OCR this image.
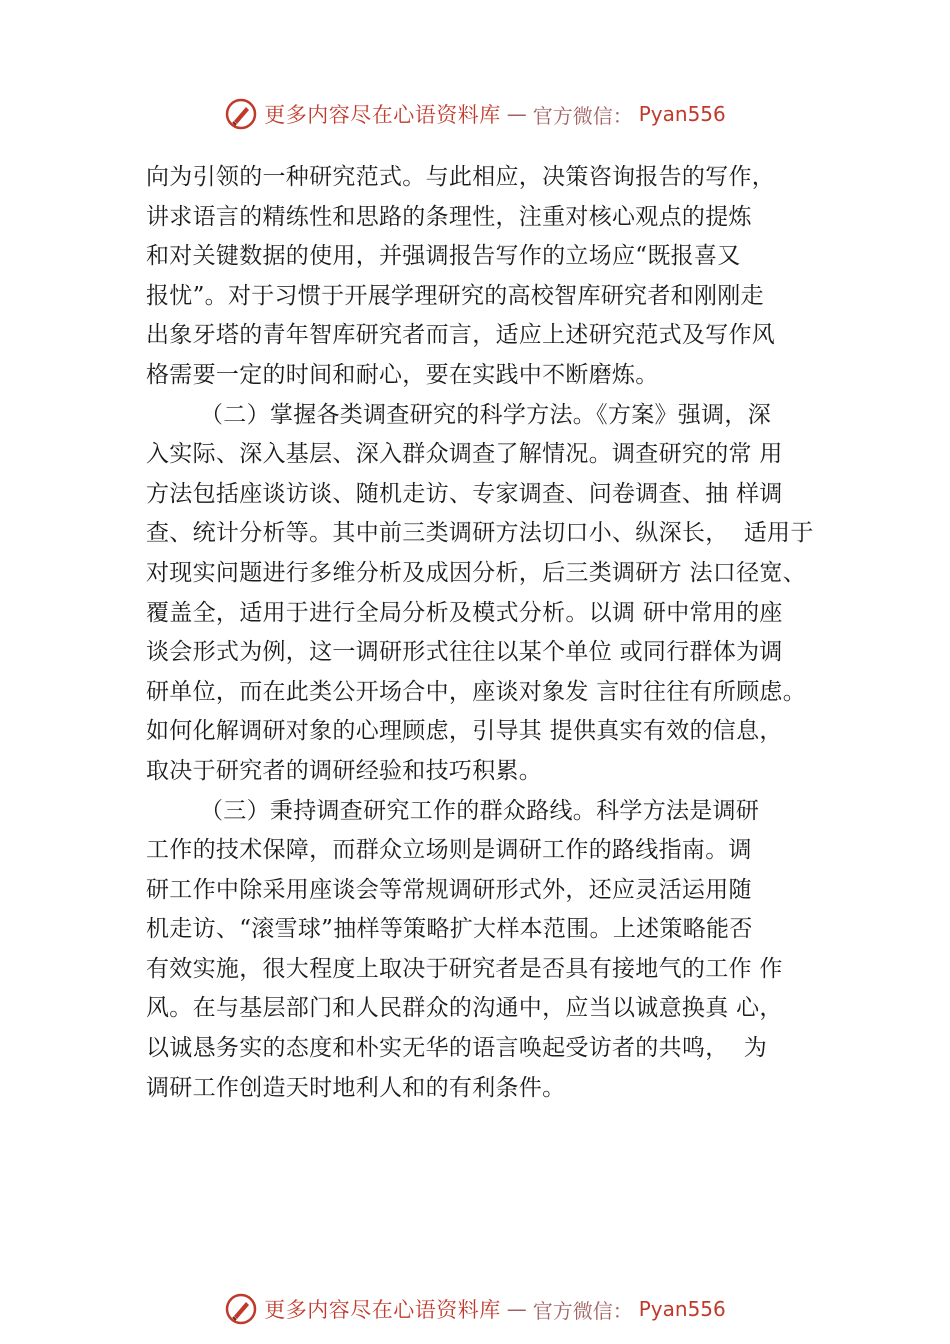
更多内容尽在心语资料库 — 官方微信： Pyan556
向为引领的一种研究范式。与此相应，决策咨询报告的写作，
讲求语言的精练性和思路的条理性，注重对核心观点的提炼
和对关键数据的使用，并强调报告写作的立场应“既报喜又
报忧”。对于习惯于开展学理研究的高校智库研究者和刚刚走
出象牙塔的青年智库研究者而言，适应上述研究范式及写作风
格需要一定的时间和耐心，要在实践中不断磨炼。
（二）掌握各类调查研究的科学方法。《方案》强调，深
入实际、深入基层、深入群众调查了解情况。调查研究的常 用
方法包括座谈访谈、随机走访、专家调查、问卷调查、抽 样调
查、统计分析等。其中前三类调研方法切口小、纵深长，  适用于
对现实问题进行多维分析及成因分析，后三类调研方 法口径宽、
覆盖全，适用于进行全局分析及模式分析。以调 研中常用的座
谈会形式为例，这一调研形式往往以某个单位 或同行群体为调
研单位，而在此类公开场合中，座谈对象发 言时往往有所顾虑。
如何化解调研对象的心理顾虑，引导其 提供真实有效的信息，
取决于研究者的调研经验和技巧积累。
（三）秉持调查研究工作的群众路线。科学方法是调研
工作的技术保障，而群众立场则是调研工作的路线指南。调
研工作中除采用座谈会等常规调研形式外，还应灵活运用随
机走访、“滚雪球”抽样等策略扩大样本范围。上述策略能否
有效实施，很大程度上取决于研究者是否具有接地气的工作 作
风。在与基层部门和人民群众的沟通中，应当以诚意换真 心，
以诚恳务实的态度和朴实无华的语言唤起受访者的共鸣，  为
调研工作创造天时地利人和的有利条件。
更多内容尽在心语资料库 — 官方微信： Pyan556
